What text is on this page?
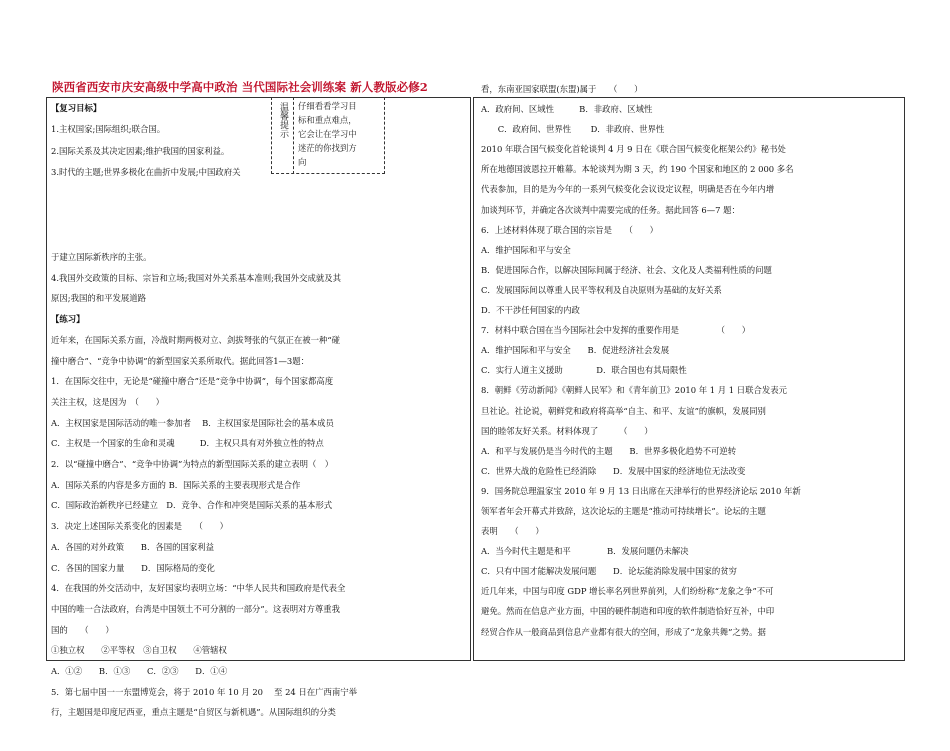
陕西省西安市庆安高级中学高中政治 当代国际社会训练案 新人教版必修2
温馨提示 仔细看看学习目
标和重点难点，
它会让在学习中
迷茫的你找到方
向
【复习目标】
1.主权国家;国际组织;联合国。
2.国际关系及其决定因素;维护我国的国家利益。
3.时代的主题;世界多极化在曲折中发展;中国政府关
于建立国际新秩序的主张。
4.我国外交政策的目标、宗旨和立场;我国对外关系基本准则;我国外交成就及其
原因;我国的和平发展道路
【练习】
近年来，在国际关系方面，冷战时期两极对立、剑拔弩张的气氛正在被一种“碰
撞中磨合”、“竞争中协调”的新型国家关系所取代。据此回答1—3题：
1．在国际交往中，无论是“碰撞中磨合”还是“竞争中协调”，每个国家都高度
关注主权，这是因为　（　　）
A．主权国家是国际活动的唯一参加者　 B．主权国家是国际社会的基本成员
C．主权是一个国家的生命和灵魂　　　D．主权只具有对外独立性的特点
2．以“碰撞中磨合”、“竞争中协调”为特点的新型国际关系的建立表明（　）
A．国际关系的内容是多方面的 B．国际关系的主要表现形式是合作
C．国际政治新秩序已经建立　D．竞争、合作和冲突是国际关系的基本形式
3．决定上述国际关系变化的因素是　　（　　）
A．各国的对外政策　　B．各国的国家利益
C．各国的国家力量　　D．国际格局的变化
4．在我国的外交活动中，友好国家均表明立场：“中华人民共和国政府是代表全
中国的唯一合法政府，台湾是中国领土不可分割的一部分”。这表明对方尊重我
国的　　（　　）
①独立权　　②平等权　③自卫权　　④管辖权
A．①②　　B．①③　　C．②③　　D．①④
5．第七届中国一一东盟博览会，将于 2010 年 10 月 20　 至 24 日在广西南宁举
行，主题国是印度尼西亚，重点主题是“自贸区与新机遇”。从国际组织的分类
看，东南亚国家联盟(东盟)属于　　（　　）
A．政府间、区域性　　　B．非政府、区域性
　　C．政府间、世界性　　 D．非政府、世界性
2010 年联合国气候变化首轮谈判 4 月 9 日在《联合国气候变化框架公约》秘书处
所在地德国波恩拉开帷幕。本轮谈判为期 3 天，约 190 个国家和地区的 2 000 多名
代表参加，目的是为今年的一系列气候变化会议设定议程，明确是否在今年内增
加谈判环节，并确定各次谈判中需要完成的任务。据此回答 6—7 题：
6．上述材料体现了联合国的宗旨是　　（　　）
A．维护国际和平与安全
B．促进国际合作，以解决国际间属于经济、社会、文化及人类福利性质的问题
C．发展国际间以尊重人民平等权利及自决原则为基础的友好关系
D．不干涉任何国家的内政
7．材料中联合国在当今国际社会中发挥的重要作用是　　　　　（　　）
A．维护国际和平与安全　　B．促进经济社会发展
C．实行人道主义援助　　　　D．联合国也有其局限性
8．朝鲜《劳动新闻》《朝鲜人民军》和《青年前卫》2010 年 1 月 1 日联合发表元
旦社论。社论说，朝鲜党和政府将高举“自主、和平、友谊”的旗帜，发展同别
国的睦邻友好关系。材料体现了　　　（　　）
A．和平与发展仍是当今时代的主题　　B．世界多极化趋势不可逆转
C．世界大战的危险性已经消除　　D．发展中国家的经济地位无法改变
9．国务院总理温家宝 2010 年 9 月 13 日出席在天津举行的世界经济论坛 2010 年新
领军者年会开幕式并致辞，这次论坛的主题是“推动可持续增长”。论坛的主题
表明　　（　　）
A．当今时代主题是和平　　　　 B．发展问题仍未解决
C．只有中国才能解决发展问题　　D．论坛能消除发展中国家的贫穷
近几年来，中国与印度 GDP 增长率名列世界前列，人们纷纷称“龙象之争”不可
避免。然而在信息产业方面，中国的硬件制造和印度的软件制造恰好互补，中印
经贸合作从一般商品到信息产业都有很大的空间，形成了“龙象共舞”之势。据
